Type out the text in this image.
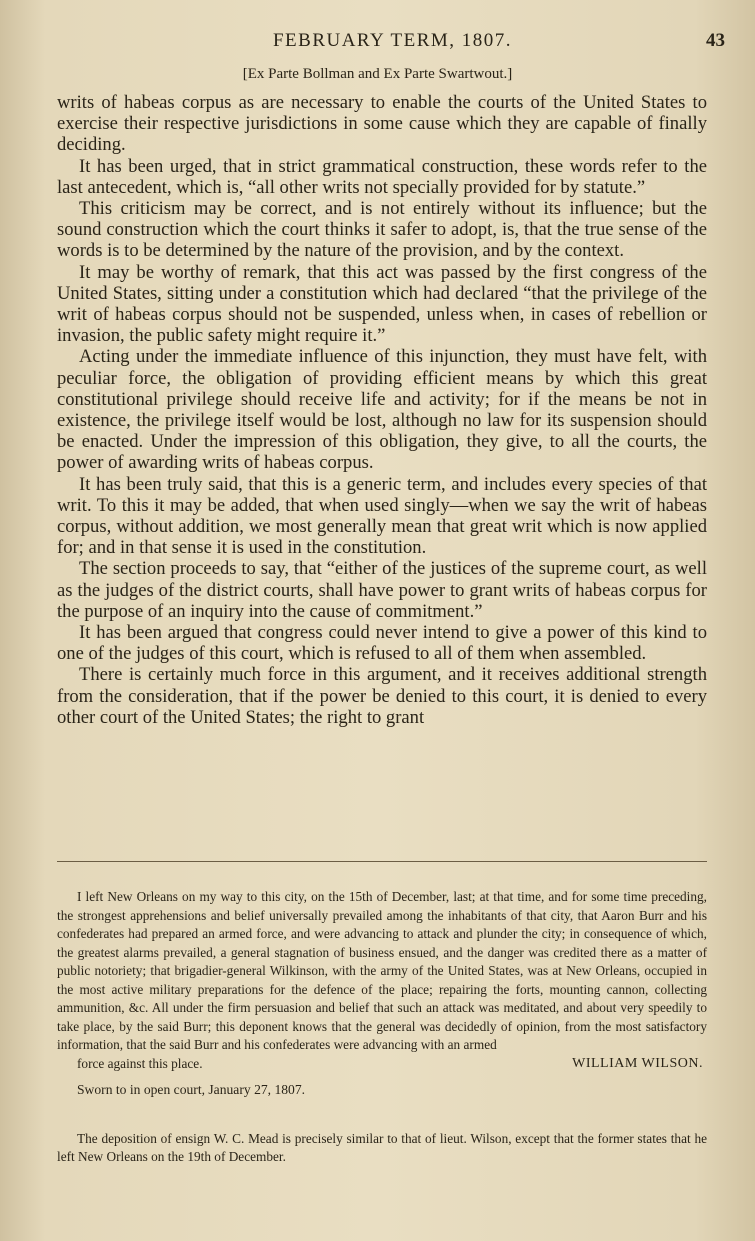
FEBRUARY TERM, 1807.	43
[Ex Parte Bollman and Ex Parte Swartwout.]

writs of habeas corpus as are necessary to enable the courts of the United States to exercise their respective jurisdictions in some cause which they are capable of finally deciding.

It has been urged, that in strict grammatical construction, these words refer to the last antecedent, which is, “all other writs not specially provided for by statute.”

This criticism may be correct, and is not entirely without its influence; but the sound construction which the court thinks it safer to adopt, is, that the true sense of the words is to be determined by the nature of the provision, and by the context.

It may be worthy of remark, that this act was passed by the first congress of the United States, sitting under a constitution which had declared “that the privilege of the writ of habeas corpus should not be suspended, unless when, in cases of rebellion or invasion, the public safety might require it.”

Acting under the immediate influence of this injunction, they must have felt, with peculiar force, the obligation of providing efficient means by which this great constitutional privilege should receive life and activity; for if the means be not in existence, the privilege itself would be lost, although no law for its suspension should be enacted. Under the impression of this obligation, they give, to all the courts, the power of awarding writs of habeas corpus.

It has been truly said, that this is a generic term, and includes every species of that writ. To this it may be added, that when used singly—when we say the writ of habeas corpus, without addition, we most generally mean that great writ which is now applied for; and in that sense it is used in the constitution.

The section proceeds to say, that “either of the justices of the supreme court, as well as the judges of the district courts, shall have power to grant writs of habeas corpus for the purpose of an inquiry into the cause of commitment.”

It has been argued that congress could never intend to give a power of this kind to one of the judges of this court, which is refused to all of them when assembled.

There is certainly much force in this argument, and it receives additional strength from the consideration, that if the power be denied to this court, it is denied to every other court of the United States; the right to grant

I left New Orleans on my way to this city, on the 15th of December, last; at that time, and for some time preceding, the strongest apprehensions and belief universally prevailed among the inhabitants of that city, that Aaron Burr and his confederates had prepared an armed force, and were advancing to attack and plunder the city; in consequence of which, the greatest alarms prevailed, a general stagnation of business ensued, and the danger was credited there as a matter of public notoriety; that brigadier-general Wilkinson, with the army of the United States, was at New Orleans, occupied in the most active military preparations for the defence of the place; repairing the forts, mounting cannon, collecting ammunition, &c. All under the firm persuasion and belief that such an attack was meditated, and about very speedily to take place, by the said Burr; this deponent knows that the general was decidedly of opinion, from the most satisfactory information, that the said Burr and his confederates were advancing with an armed

force against this place.	WILLIAM WILSON.

Sworn to in open court, January 27, 1807.

The deposition of ensign W. C. Mead is precisely similar to that of lieut. Wilson, except that the former states that he left New Orleans on the 19th of December.
